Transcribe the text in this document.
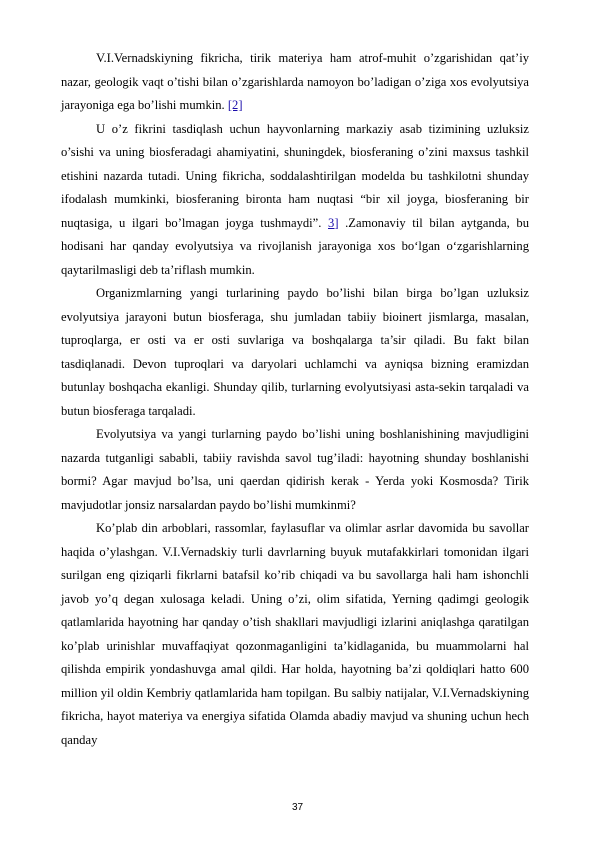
V.I.Vernadskiyning fikricha, tirik materiya ham atrof-muhit o’zgarishidan qat’iy nazar, geologik vaqt o’tishi bilan o’zgarishlarda namoyon bo’ladigan o’ziga xos evolyutsiya jarayoniga ega bo’lishi mumkin. [2]

U o’z fikrini tasdiqlash uchun hayvonlarning markaziy asab tizimining uzluksiz o’sishi va uning biosferadagi ahamiyatini, shuningdek, biosferaning o’zini maxsus tashkil etishini nazarda tutadi. Uning fikricha, soddalashtirilgan modelda bu tashkilotni shunday ifodalash mumkinki, biosferaning bironta ham nuqtasi “bir xil joyga, biosferaning bir nuqtasiga, u ilgari bo’lmagan joyga tushmaydi”. 3] .Zamonaviy til bilan aytganda, bu hodisani har qanday evolyutsiya va rivojlanish jarayoniga xos bo‘lgan o‘zgarishlarning qaytarilmasligi deb ta’riflash mumkin.

Organizmlarning yangi turlarining paydo bo’lishi bilan birga bo’lgan uzluksiz evolyutsiya jarayoni butun biosferaga, shu jumladan tabiiy bioinert jismlarga, masalan, tuproqlarga, er osti va er osti suvlariga va boshqalarga ta’sir qiladi. Bu fakt bilan tasdiqlanadi. Devon tuproqlari va daryolari uchlamchi va ayniqsa bizning eramizdan butunlay boshqacha ekanligi. Shunday qilib, turlarning evolyutsiyasi asta-sekin tarqaladi va butun biosferaga tarqaladi.

Evolyutsiya va yangi turlarning paydo bo’lishi uning boshlanishining mavjudligini nazarda tutganligi sababli, tabiiy ravishda savol tug’iladi: hayotning shunday boshlanishi bormi? Agar mavjud bo’lsa, uni qaerdan qidirish kerak - Yerda yoki Kosmosda? Tirik mavjudotlar jonsiz narsalardan paydo bo’lishi mumkinmi?

Ko’plab din arboblari, rassomlar, faylasuflar va olimlar asrlar davomida bu savollar haqida o’ylashgan. V.I.Vernadskiy turli davrlarning buyuk mutafakkirlari tomonidan ilgari surilgan eng qiziqarli fikrlarni batafsil ko’rib chiqadi va bu savollarga hali ham ishonchli javob yo’q degan xulosaga keladi. Uning o’zi, olim sifatida, Yerning qadimgi geologik qatlamlarida hayotning har qanday o’tish shakllari mavjudligi izlarini aniqlashga qaratilgan ko’plab urinishlar muvaffaqiyat qozonmaganligini ta’kidlaganida, bu muammolarni hal qilishda empirik yondashuvga amal qildi. Har holda, hayotning ba’zi qoldiqlari hatto 600 million yil oldin Kembriy qatlamlarida ham topilgan. Bu salbiy natijalar, V.I.Vernadskiyning fikricha, hayot materiya va energiya sifatida Olamda abadiy mavjud va shuning uchun hech qanday

37
